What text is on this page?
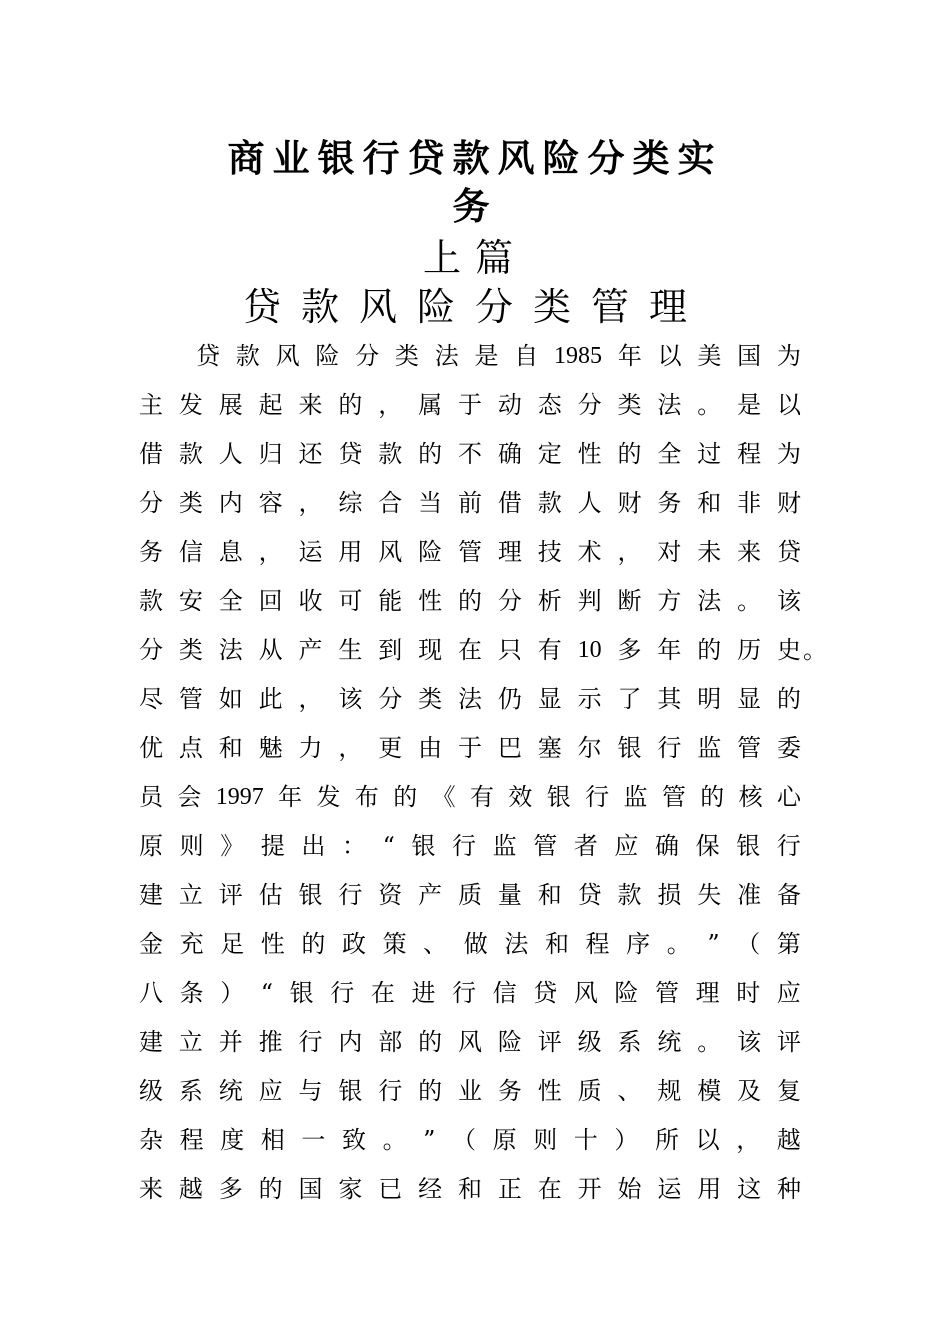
商业银行贷款风险分类实
务
上篇
贷款风险分类管理
贷 款 风 险 分 类 法 是 自 1985 年 以 美 国 为
主 发 展 起 来 的 ， 属 于 动 态 分 类 法 。 是 以
借 款 人 归 还 贷 款 的 不 确 定 性 的 全 过 程 为
分 类 内 容 ， 综 合 当 前 借 款 人 财 务 和 非 财
务 信 息 ， 运 用 风 险 管 理 技 术 ， 对 未 来 贷
款 安 全 回 收 可 能 性 的 分 析 判 断 方 法 。 该
分 类 法 从 产 生 到 现 在 只 有 10 多 年 的 历 史 。
尽 管 如 此 ， 该 分 类 法 仍 显 示 了 其 明 显 的
优 点 和 魅 力 ， 更 由 于 巴 塞 尔 银 行 监 管 委
员 会 1997 年 发 布 的 《 有 效 银 行 监 管 的 核 心
原 则 》 提 出 ： “ 银 行 监 管 者 应 确 保 银 行
建 立 评 估 银 行 资 产 质 量 和 贷 款 损 失 准 备
金 充 足 性 的 政 策 、 做 法 和 程 序 。 ” （ 第
八 条 ） “ 银 行 在 进 行 信 贷 风 险 管 理 时 应
建 立 并 推 行 内 部 的 风 险 评 级 系 统 。 该 评
级 系 统 应 与 银 行 的 业 务 性 质 、 规 模 及 复
杂 程 度 相 一 致 。 ” （ 原 则 十 ） 所 以 ， 越
来 越 多 的 国 家 已 经 和 正 在 开 始 运 用 这 种
